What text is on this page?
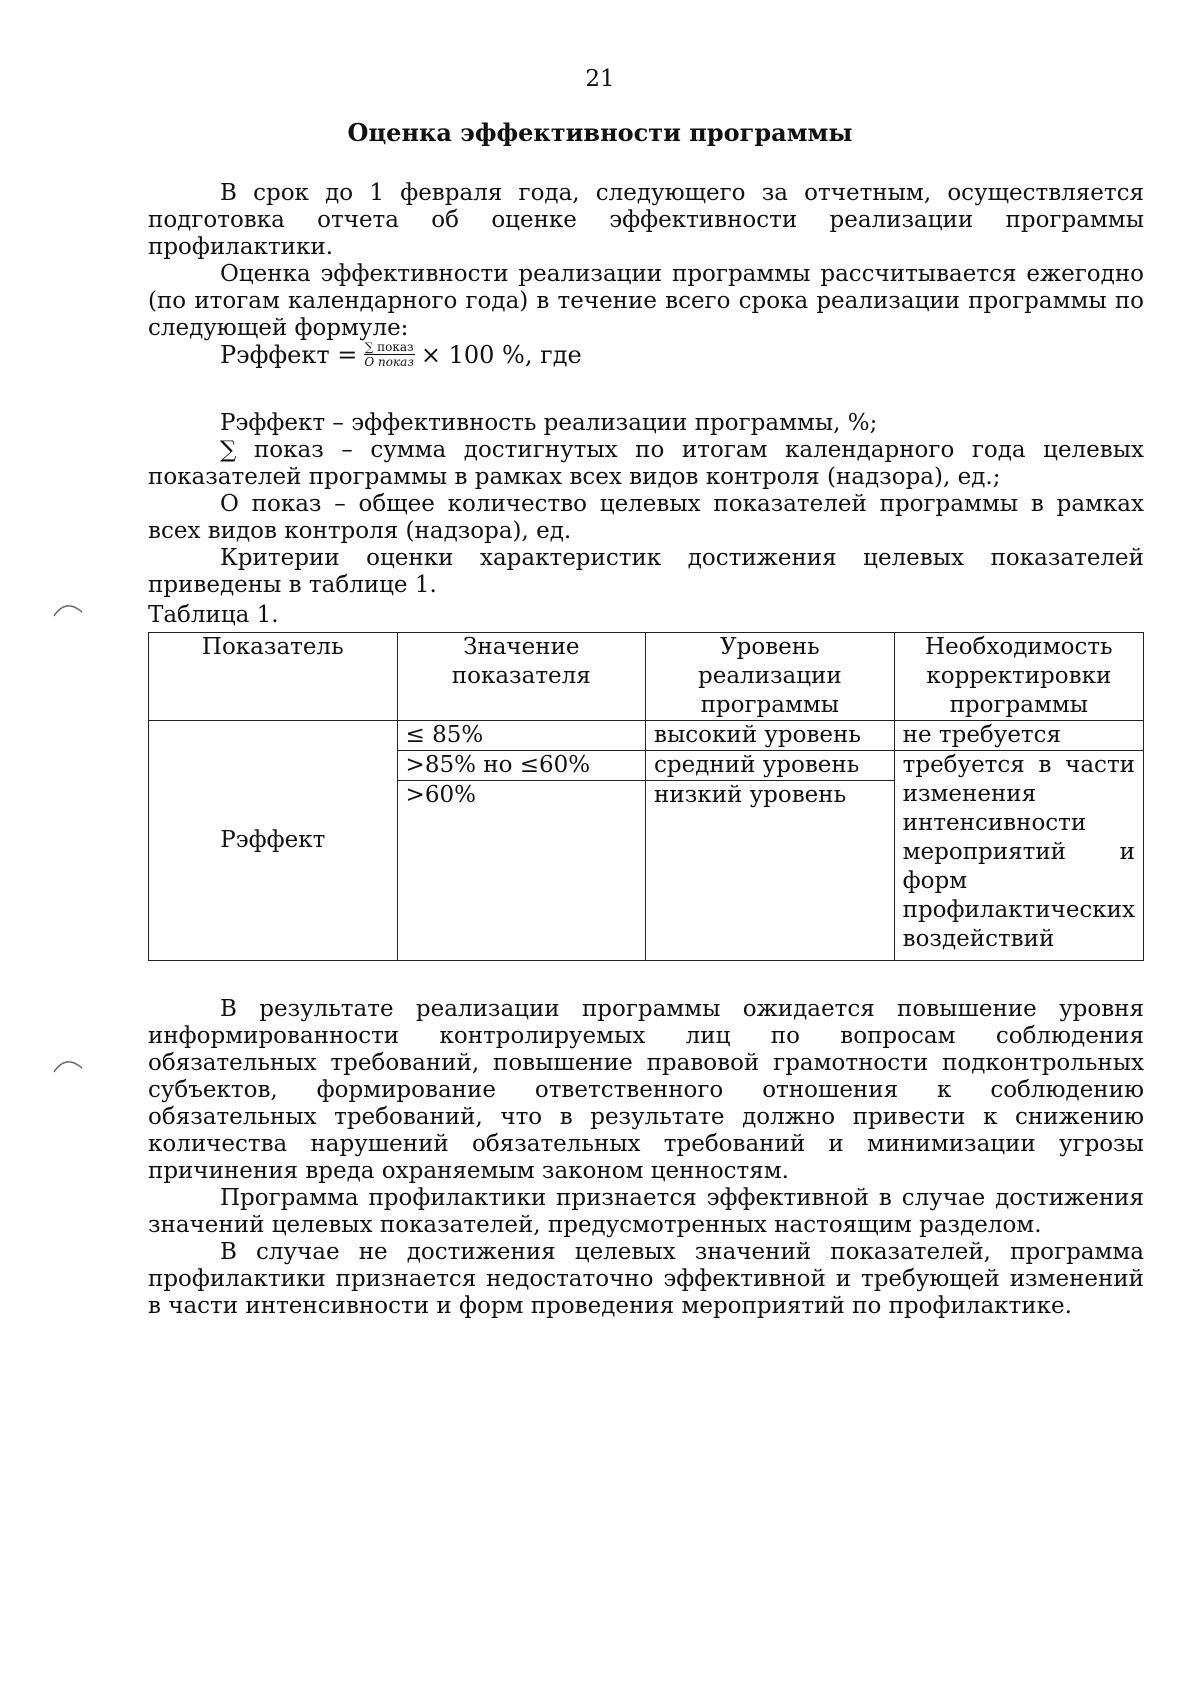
21
Оценка эффективности программы

В срок до 1 февраля года, следующего за отчетным, осуществляется подготовка отчета об оценке эффективности реализации программы профилактики.

Оценка эффективности реализации программы рассчитывается ежегодно (по итогам календарного года) в течение всего срока реализации программы по следующей формуле:

Рэффект = $\frac{\text{∑ показ}}{\text{О показ}} \times 100$ %, где

Рэффект – эффективность реализации программы, %;

∑ показ – сумма достигнутых по итогам календарного года целевых показателей программы в рамках всех видов контроля (надзора), ед.;

О показ – общее количество целевых показателей программы в рамках всех видов контроля (надзора), ед.

Критерии оценки характеристик достижения целевых показателей приведены в таблице 1.

Таблица 1.
Показатель	Значение показателя	Уровень реализации программы	Необходимость корректировки программы
Рэффект	≤ 85%	высокий уровень	не требуется
	>85% но ≤60%	средний уровень	требуется в части изменения интенсивности мероприятий и форм профилактических воздействий
	>60%	низкий уровень	

В результате реализации программы ожидается повышение уровня информированности контролируемых лиц по вопросам соблюдения обязательных требований, повышение правовой грамотности подконтрольных субъектов, формирование ответственного отношения к соблюдению обязательных требований, что в результате должно привести к снижению количества нарушений обязательных требований и минимизации угрозы причинения вреда охраняемым законом ценностям.

Программа профилактики признается эффективной в случае достижения значений целевых показателей, предусмотренных настоящим разделом.

В случае не достижения целевых значений показателей, программа профилактики признается недостаточно эффективной и требующей изменений в части интенсивности и форм проведения мероприятий по профилактике.
